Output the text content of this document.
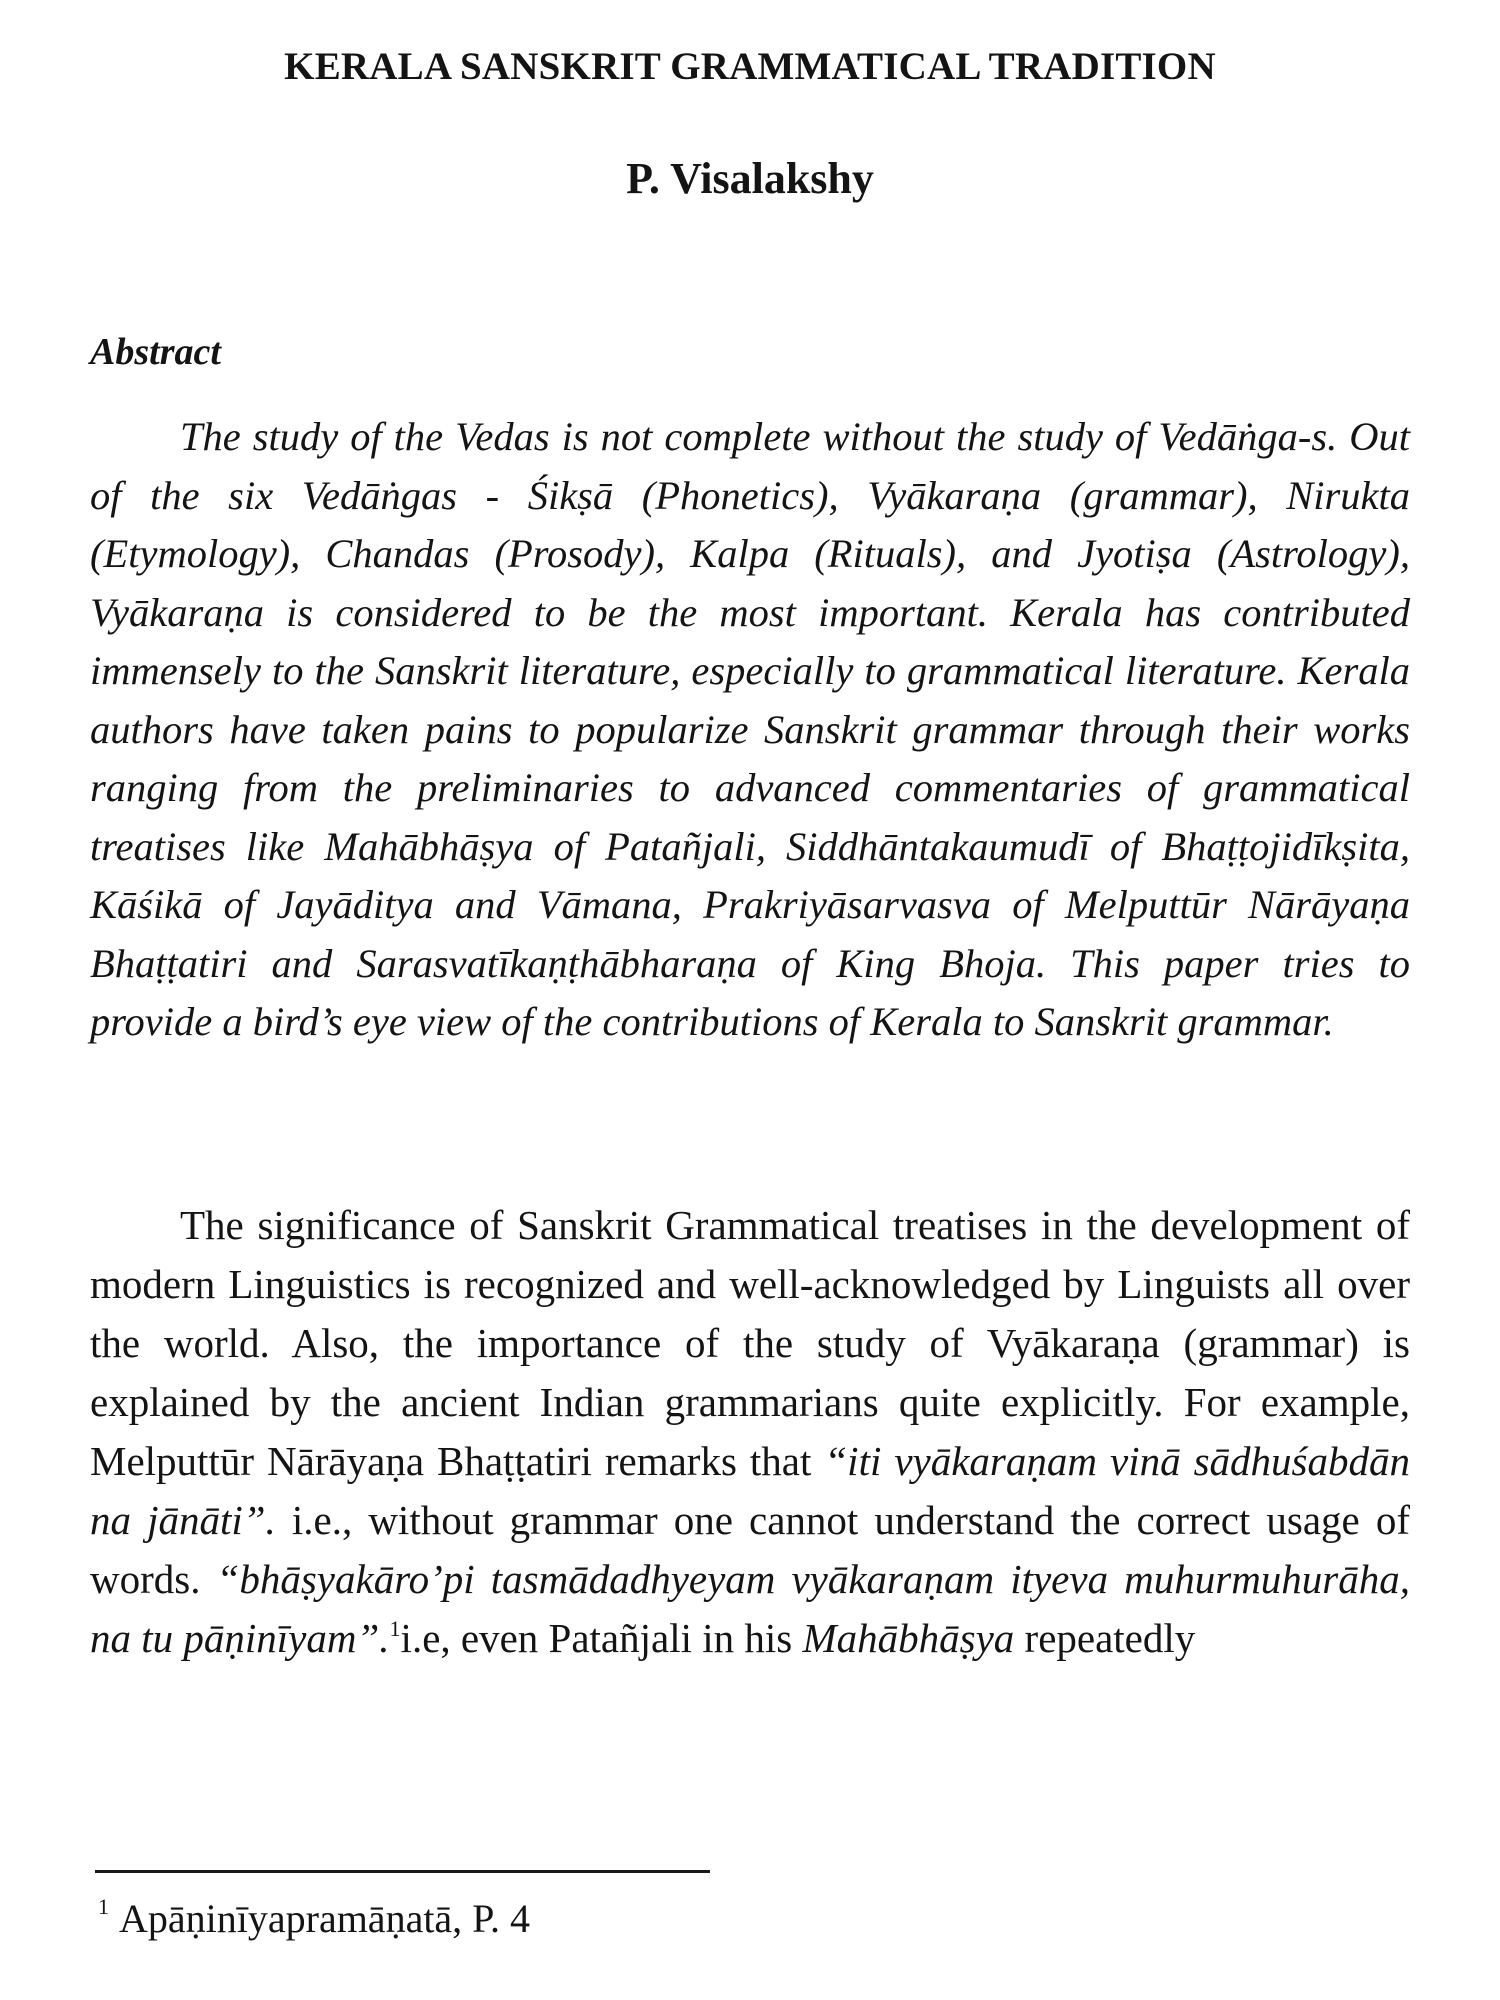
KERALA SANSKRIT GRAMMATICAL TRADITION
P. Visalakshy
Abstract

The study of the Vedas is not complete without the study of Vedāṅga-s. Out of the six Vedāṅgas - Śikṣā (Phonetics), Vyākaraṇa (grammar), Nirukta (Etymology), Chandas (Prosody), Kalpa (Rituals), and Jyotiṣa (Astrology), Vyākaraṇa is considered to be the most important. Kerala has contributed immensely to the Sanskrit literature, especially to grammatical literature. Kerala authors have taken pains to popularize Sanskrit grammar through their works ranging from the preliminaries to advanced commentaries of grammatical treatises like Mahābhāṣya of Patañjali, Siddhāntakaumudī of Bhaṭṭojidīkṣita, Kāśikā of Jayāditya and Vāmana, Prakriyāsarvasva of Melputtūr Nārāyaṇa Bhaṭṭatiri and Sarasvatīkaṇṭhābharaṇa of King Bhoja. This paper tries to provide a bird’s eye view of the contributions of Kerala to Sanskrit grammar.

The significance of Sanskrit Grammatical treatises in the development of modern Linguistics is recognized and well-acknowledged by Linguists all over the world. Also, the importance of the study of Vyākaraṇa (grammar) is explained by the ancient Indian grammarians quite explicitly. For example, Melputtūr Nārāyaṇa Bhaṭṭatiri remarks that “iti vyākaraṇam vinā sādhuśabdān na jānāti”. i.e., without grammar one cannot understand the correct usage of words. “bhāṣyakāro’pi tasmādadhyeyam vyākaraṇam ityeva muhurmuhurāha, na tu pāṇinīyam”.$^1$i.e, even Patañjali in his Mahābhāṣya repeatedly

$^1$ Apāṇinīyapramāṇatā, P. 4
